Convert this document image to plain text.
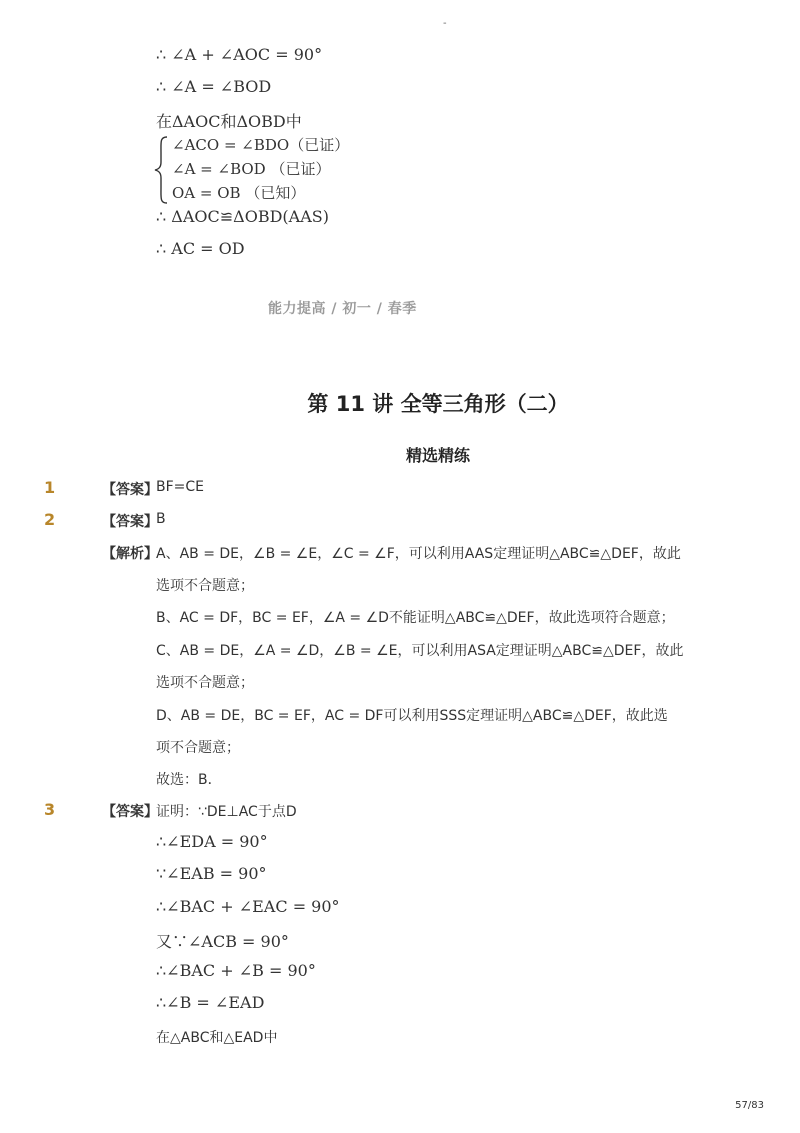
-
∴ ∠A + ∠AOC = 90°
∴ ∠A = ∠BOD
在ΔAOC和ΔOBD中
∠ACO = ∠BDO（已证）
∠A = ∠BOD （已证）
OA = OB （已知）
∴ ΔAOC≌ΔOBD(AAS)
∴ AC = OD
能力提高 / 初一 / 春季
第 11 讲 全等三角形（二）
精选精练
1	【答案】
BF=CE
2	【答案】
B
【解析】
A、AB = DE，∠B = ∠E，∠C = ∠F，可以利用AAS定理证明△ABC≌△DEF，故此
选项不合题意；
B、AC = DF，BC = EF，∠A = ∠D不能证明△ABC≌△DEF，故此选项符合题意；
C、AB = DE，∠A = ∠D，∠B = ∠E，可以利用ASA定理证明△ABC≌△DEF，故此
选项不合题意；
D、AB = DE，BC = EF，AC = DF可以利用SSS定理证明△ABC≌△DEF，故此选
项不合题意；
故选：B．
3	【答案】
证明：∵DE⊥AC于点D
∴∠EDA = 90°
∵∠EAB = 90°
∴∠BAC + ∠EAC = 90°
又∵∠ACB = 90°
∴∠BAC + ∠B = 90°
∴∠B = ∠EAD
在△ABC和△EAD中
57/83
